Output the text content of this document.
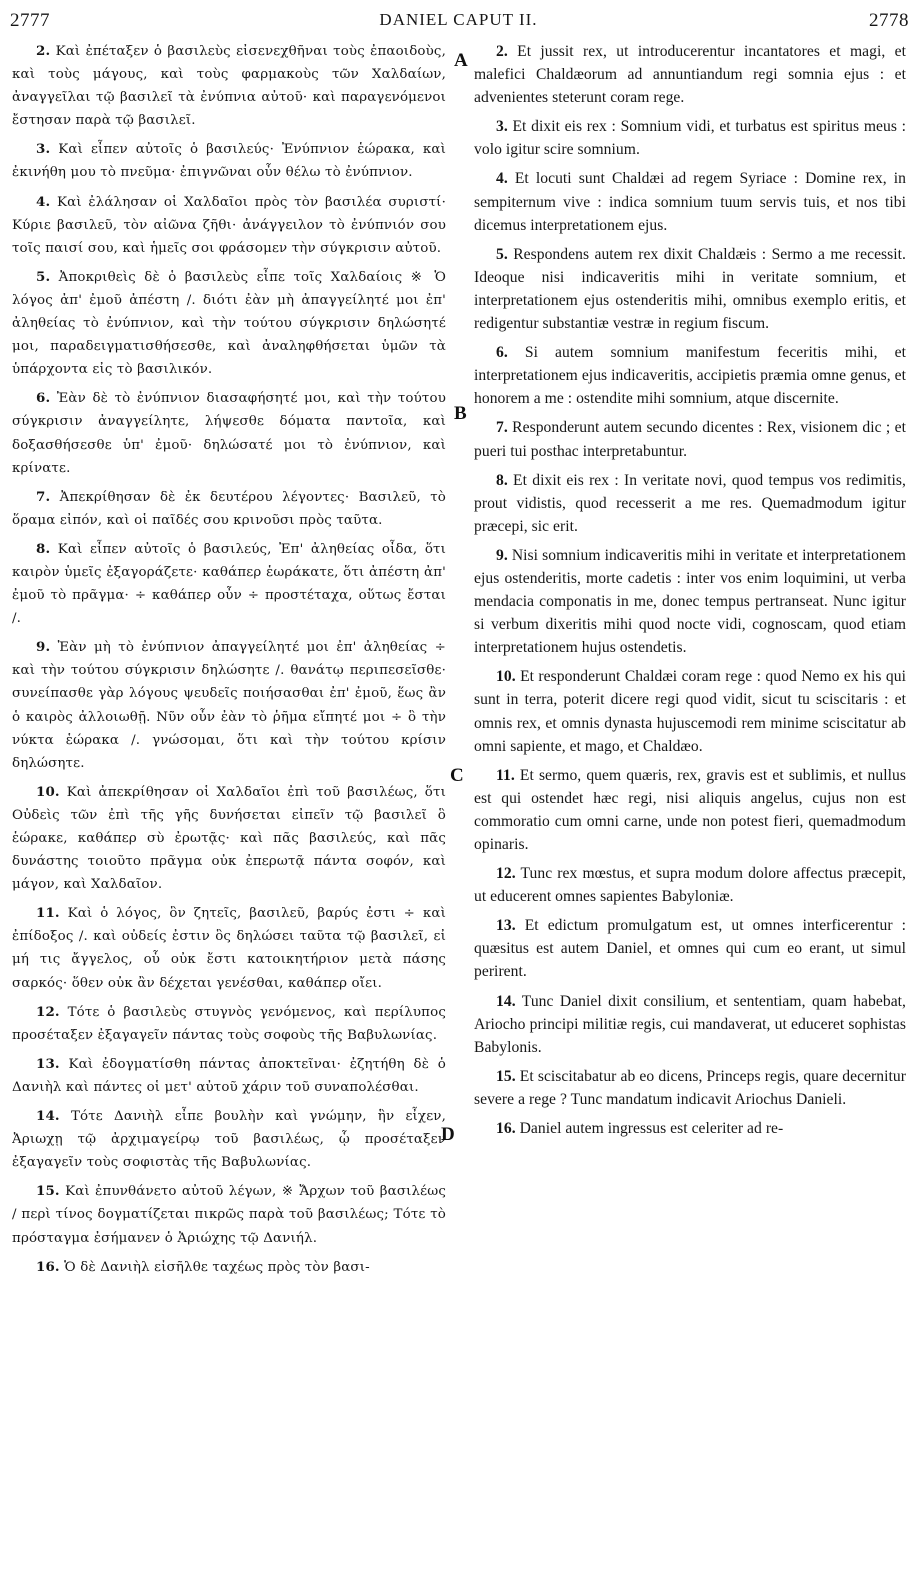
2777	DANIEL CAPUT II.	2778

2. Καὶ ἐπέταξεν ὁ βασιλεὺς εἰσενεχθῆναι τοὺς ἐπαοιδοὺς, καὶ τοὺς μάγους, καὶ τοὺς φαρμακοὺς τῶν Χαλδαίων, ἀναγγεῖλαι τῷ βασιλεῖ τὰ ἐνύπνια αὐτοῦ· καὶ παραγενόμενοι ἔστησαν παρὰ τῷ βασιλεῖ.

3. Καὶ εἶπεν αὐτοῖς ὁ βασιλεύς· Ἐνύπνιον ἑώρακα, καὶ ἐκινήθη μου τὸ πνεῦμα· ἐπιγνῶναι οὖν θέλω τὸ ἐνύπνιον.

4. Καὶ ἐλάλησαν οἱ Χαλδαῖοι πρὸς τὸν βασιλέα συριστί· Κύριε βασιλεῦ, τὸν αἰῶνα ζῆθι· ἀνάγγειλον τὸ ἐνύπνιόν σου τοῖς παισί σου, καὶ ἡμεῖς σοι φράσομεν τὴν σύγκρισιν αὐτοῦ.

5. Ἀποκριθεὶς δὲ ὁ βασιλεὺς εἶπε τοῖς Χαλδαίοις ※ Ὁ λόγος ἀπ' ἐμοῦ ἀπέστη /. διότι ἐὰν μὴ ἀπαγγείλητέ μοι ἐπ' ἀληθείας τὸ ἐνύπνιον, καὶ τὴν τούτου σύγκρισιν δηλώσητέ μοι, παραδειγματισθήσεσθε, καὶ ἀναληφθήσεται ὑμῶν τὰ ὑπάρχοντα εἰς τὸ βασιλικόν.

6. Ἐὰν δὲ τὸ ἐνύπνιον διασαφήσητέ μοι, καὶ τὴν τούτου σύγκρισιν ἀναγγείλητε, λήψεσθε δόματα παντοῖα, καὶ δοξασθήσεσθε ὑπ' ἐμοῦ· δηλώσατέ μοι τὸ ἐνύπνιον, καὶ κρίνατε.

7. Ἀπεκρίθησαν δὲ ἐκ δευτέρου λέγοντες· Βασιλεῦ, τὸ ὅραμα εἰπόν, καὶ οἱ παῖδές σου κρινοῦσι πρὸς ταῦτα.

8. Καὶ εἶπεν αὐτοῖς ὁ βασιλεύς, Ἐπ' ἀληθείας οἶδα, ὅτι καιρὸν ὑμεῖς ἐξαγοράζετε· καθάπερ ἑωράκατε, ὅτι ἀπέστη ἀπ' ἐμοῦ τὸ πρᾶγμα· ÷ καθάπερ οὖν ÷ προστέταχα, οὕτως ἔσται /.

9. Ἐὰν μὴ τὸ ἐνύπνιον ἀπαγγείλητέ μοι ἐπ' ἀληθείας ÷ καὶ τὴν τούτου σύγκρισιν δηλώσητε /. θανάτῳ περιπεσεῖσθε· συνείπασθε γὰρ λόγους ψευδεῖς ποιήσασθαι ἐπ' ἐμοῦ, ἕως ἂν ὁ καιρὸς ἀλλοιωθῇ. Νῦν οὖν ἐὰν τὸ ῥῆμα εἴπητέ μοι ÷ ὃ τὴν νύκτα ἑώρακα /. γνώσομαι, ὅτι καὶ τὴν τούτου κρίσιν δηλώσητε.

10. Καὶ ἀπεκρίθησαν οἱ Χαλδαῖοι ἐπὶ τοῦ βασιλέως, ὅτι Οὐδεὶς τῶν ἐπὶ τῆς γῆς δυνήσεται εἰπεῖν τῷ βασιλεῖ ὃ ἑώρακε, καθάπερ σὺ ἐρωτᾷς· καὶ πᾶς βασιλεύς, καὶ πᾶς δυνάστης τοιοῦτο πρᾶγμα οὐκ ἐπερωτᾷ πάντα σοφόν, καὶ μάγον, καὶ Χαλδαῖον.

11. Καὶ ὁ λόγος, ὃν ζητεῖς, βασιλεῦ, βαρύς ἐστι ÷ καὶ ἐπίδοξος /. καὶ οὐδείς ἐστιν ὃς δηλώσει ταῦτα τῷ βασιλεῖ, εἰ μή τις ἄγγελος, οὗ οὐκ ἔστι κατοικητήριον μετὰ πάσης σαρκός· ὅθεν οὐκ ἂν δέχεται γενέσθαι, καθάπερ οἴει.

12. Τότε ὁ βασιλεὺς στυγνὸς γενόμενος, καὶ περίλυπος προσέταξεν ἐξαγαγεῖν πάντας τοὺς σοφοὺς τῆς Βαβυλωνίας.

13. Καὶ ἐδογματίσθη πάντας ἀποκτεῖναι· ἐζητήθη δὲ ὁ Δανιὴλ καὶ πάντες οἱ μετ' αὐτοῦ χάριν τοῦ συναπολέσθαι.

14. Τότε Δανιὴλ εἶπε βουλὴν καὶ γνώμην, ἣν εἶχεν, Ἀριωχῃ τῷ ἀρχιμαγείρῳ τοῦ βασιλέως, ᾧ προσέταξεν ἐξαγαγεῖν τοὺς σοφιστὰς τῆς Βαβυλωνίας.

15. Καὶ ἐπυνθάνετο αὐτοῦ λέγων, ※ Ἄρχων τοῦ βασιλέως / περὶ τίνος δογματίζεται πικρῶς παρὰ τοῦ βασιλέως; Τότε τὸ πρόσταγμα ἐσήμανεν ὁ Ἀριώχης τῷ Δανιήλ.

16. Ὁ δὲ Δανιὴλ εἰσῆλθε ταχέως πρὸς τὸν βασι-

2. Et jussit rex, ut introducerentur incantatores et magi, et malefici Chaldæorum ad annuntiandum regi somnia ejus : et advenientes steterunt coram rege.

3. Et dixit eis rex : Somnium vidi, et turbatus est spiritus meus : volo igitur scire somnium.

4. Et locuti sunt Chaldæi ad regem Syriace : Domine rex, in sempiternum vive : indica somnium tuum servis tuis, et nos tibi dicemus interpretationem ejus.

5. Respondens autem rex dixit Chaldæis : Sermo a me recessit. Ideoque nisi indicaveritis mihi in veritate somnium, et interpretationem ejus ostenderitis mihi, omnibus exemplo eritis, et redigentur substantiæ vestræ in regium fiscum.

6. Si autem somnium manifestum feceritis mihi, et interpretationem ejus indicaveritis, accipietis præmia omne genus, et honorem a me : ostendite mihi somnium, atque discernite.

7. Responderunt autem secundo dicentes : Rex, visionem dic ; et pueri tui posthac interpretabuntur.

8. Et dixit eis rex : In veritate novi, quod tempus vos redimitis, prout vidistis, quod recesserit a me res. Quemadmodum igitur præcepi, sic erit.

9. Nisi somnium indicaveritis mihi in veritate et interpretationem ejus ostenderitis, morte cadetis : inter vos enim loquimini, ut verba mendacia componatis in me, donec tempus pertranseat. Nunc igitur si verbum dixeritis mihi quod nocte vidi, cognoscam, quod etiam interpretationem hujus ostendetis.

10. Et responderunt Chaldæi coram rege : quod Nemo ex his qui sunt in terra, poterit dicere regi quod vidit, sicut tu sciscitaris : et omnis rex, et omnis dynasta hujuscemodi rem minime sciscitatur ab omni sapiente, et mago, et Chaldæo.

11. Et sermo, quem quæris, rex, gravis est et sublimis, et nullus est qui ostendet hæc regi, nisi aliquis angelus, cujus non est commoratio cum omni carne, unde non potest fieri, quemadmodum opinaris.

12. Tunc rex mœstus, et supra modum dolore affectus præcepit, ut educerent omnes sapientes Babyloniæ.

13. Et edictum promulgatum est, ut omnes interficerentur : quæsitus est autem Daniel, et omnes qui cum eo erant, ut simul perirent.

14. Tunc Daniel dixit consilium, et sententiam, quam habebat, Ariocho principi militiæ regis, cui mandaverat, ut educeret sophistas Babylonis.

15. Et sciscitabatur ab eo dicens, Princeps regis, quare decernitur severe a rege ? Tunc mandatum indicavit Ariochus Danieli.

16. Daniel autem ingressus est celeriter ad re-

A
B
C
D
